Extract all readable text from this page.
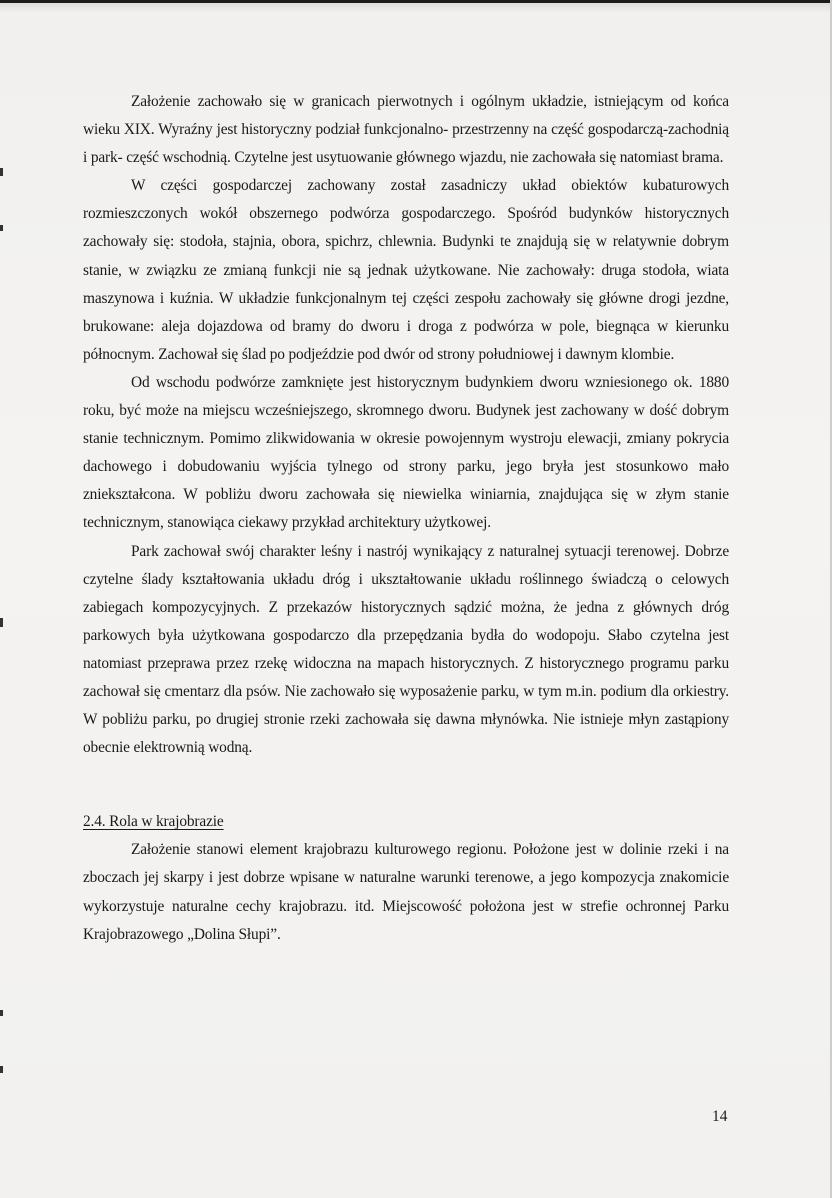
Założenie zachowało się w granicach pierwotnych i ogólnym układzie, istniejącym od końca wieku XIX. Wyraźny jest historyczny podział funkcjonalno- przestrzenny na część gospodarczą-zachodnią i park- część wschodnią. Czytelne jest usytuowanie głównego wjazdu, nie zachowała się natomiast brama.

W części gospodarczej zachowany został zasadniczy układ obiektów kubaturowych rozmieszczonych wokół obszernego podwórza gospodarczego. Spośród budynków historycznych zachowały się: stodoła, stajnia, obora, spichrz, chlewnia. Budynki te znajdują się w relatywnie dobrym stanie, w związku ze zmianą funkcji nie są jednak użytkowane. Nie zachowały: druga stodoła, wiata maszynowa i kuźnia. W układzie funkcjonalnym tej części zespołu zachowały się główne drogi jezdne, brukowane: aleja dojazdowa od bramy do dworu i droga z podwórza w pole, biegnąca w kierunku północnym. Zachował się ślad po podjeździe pod dwór od strony południowej i dawnym klombie.

Od wschodu podwórze zamknięte jest historycznym budynkiem dworu wzniesionego ok. 1880 roku, być może na miejscu wcześniejszego, skromnego dworu. Budynek jest zachowany w dość dobrym stanie technicznym. Pomimo zlikwidowania w okresie powojennym wystroju elewacji, zmiany pokrycia dachowego i dobudowaniu wyjścia tylnego od strony parku, jego bryła jest stosunkowo mało zniekształcona. W pobliżu dworu zachowała się niewielka winiarnia, znajdująca się w złym stanie technicznym, stanowiąca ciekawy przykład architektury użytkowej.

Park zachował swój charakter leśny i nastrój wynikający z naturalnej sytuacji terenowej. Dobrze czytelne ślady kształtowania układu dróg i ukształtowanie układu roślinnego świadczą o celowych zabiegach kompozycyjnych. Z przekazów historycznych sądzić można, że jedna z głównych dróg parkowych była użytkowana gospodarczo dla przepędzania bydła do wodopoju. Słabo czytelna jest natomiast przeprawa przez rzekę widoczna na mapach historycznych. Z historycznego programu parku zachował się cmentarz dla psów. Nie zachowało się wyposażenie parku, w tym m.in. podium dla orkiestry. W pobliżu parku, po drugiej stronie rzeki zachowała się dawna młynówka. Nie istnieje młyn zastąpiony obecnie elektrownią wodną.

2.4. Rola w krajobrazie

Założenie stanowi element krajobrazu kulturowego regionu. Położone jest w dolinie rzeki i na zboczach jej skarpy i jest dobrze wpisane w naturalne warunki terenowe, a jego kompozycja znakomicie wykorzystuje naturalne cechy krajobrazu. itd. Miejscowość położona jest w strefie ochronnej Parku Krajobrazowego „Dolina Słupi”.

14
